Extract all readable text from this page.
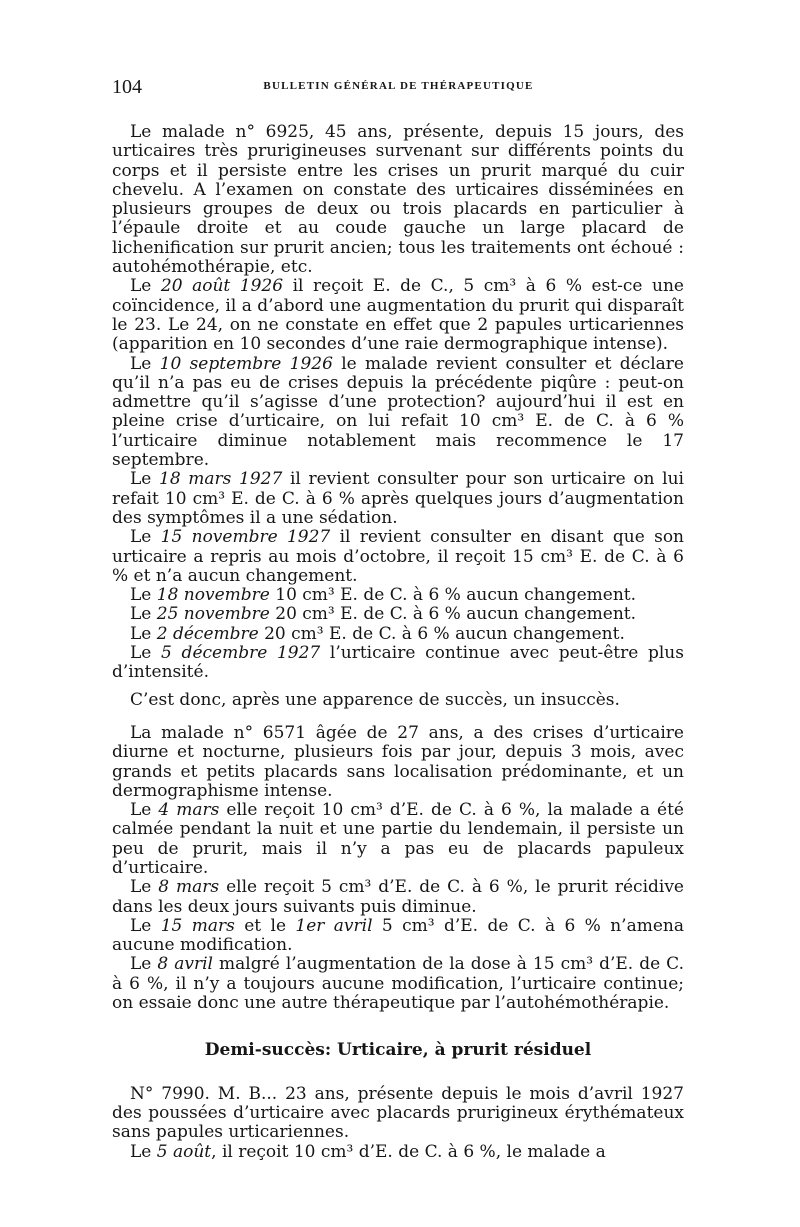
104	BULLETIN GÉNÉRAL DE THÉRAPEUTIQUE

Le malade n° 6925, 45 ans, présente, depuis 15 jours, des urticaires très prurigineuses survenant sur différents points du corps et il persiste entre les crises un prurit marqué du cuir chevelu. A l’examen on constate des urticaires disséminées en plusieurs groupes de deux ou trois placards en particulier à l’épaule droite et au coude gauche un large placard de lichenification sur prurit ancien; tous les traitements ont échoué : autohémothérapie, etc.

Le 20 août 1926 il reçoit E. de C., 5 cm³ à 6 % est-ce une coïncidence, il a d’abord une augmentation du prurit qui disparaît le 23. Le 24, on ne constate en effet que 2 papules urticariennes (apparition en 10 secondes d’une raie dermographique intense).

Le 10 septembre 1926 le malade revient consulter et déclare qu’il n’a pas eu de crises depuis la précédente piqûre : peut-on admettre qu’il s’agisse d’une protection? aujourd’hui il est en pleine crise d’urticaire, on lui refait 10 cm³ E. de C. à 6 % l’urticaire diminue notablement mais recommence le 17 septembre.

Le 18 mars 1927 il revient consulter pour son urticaire on lui refait 10 cm³ E. de C. à 6 % après quelques jours d’augmentation des symptômes il a une sédation.

Le 15 novembre 1927 il revient consulter en disant que son urticaire a repris au mois d’octobre, il reçoit 15 cm³ E. de C. à 6 % et n’a aucun changement.

Le 18 novembre 10 cm³ E. de C. à 6 % aucun changement.

Le 25 novembre 20 cm³ E. de C. à 6 % aucun changement.

Le 2 décembre 20 cm³ E. de C. à 6 % aucun changement.

Le 5 décembre 1927 l’urticaire continue avec peut-être plus d’intensité.

C’est donc, après une apparence de succès, un insuccès.

La malade n° 6571 âgée de 27 ans, a des crises d’urticaire diurne et nocturne, plusieurs fois par jour, depuis 3 mois, avec grands et petits placards sans localisation prédominante, et un dermographisme intense.

Le 4 mars elle reçoit 10 cm³ d’E. de C. à 6 %, la malade a été calmée pendant la nuit et une partie du lendemain, il persiste un peu de prurit, mais il n’y a pas eu de placards papuleux d’urticaire.

Le 8 mars elle reçoit 5 cm³ d’E. de C. à 6 %, le prurit récidive dans les deux jours suivants puis diminue.

Le 15 mars et le 1er avril 5 cm³ d’E. de C. à 6 % n’amena aucune modification.

Le 8 avril malgré l’augmentation de la dose à 15 cm³ d’E. de C. à 6 %, il n’y a toujours aucune modification, l’urticaire continue; on essaie donc une autre thérapeutique par l’autohémothérapie.

Demi-succès: Urticaire, à prurit résiduel

N° 7990. M. B... 23 ans, présente depuis le mois d’avril 1927 des poussées d’urticaire avec placards prurigineux érythémateux sans papules urticariennes.

Le 5 août, il reçoit 10 cm³ d’E. de C. à 6 %, le malade a
